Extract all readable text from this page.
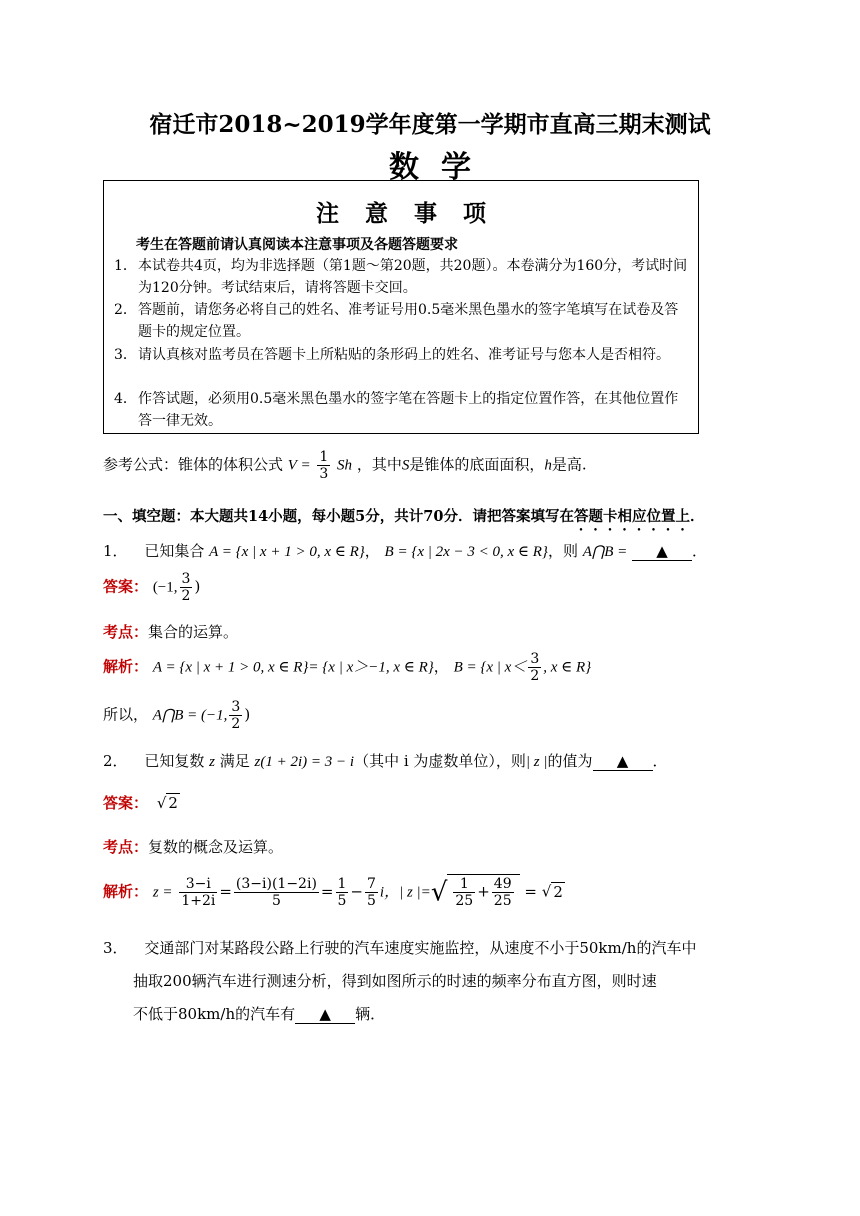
宿迁市2018~2019学年度第一学期市直高三期末测试
数学
注意事项
考生在答题前请认真阅读本注意事项及各题答题要求
1． 本试卷共4页，均为非选择题（第1题～第20题，共20题）。本卷满分为160分，考试时间为120分钟。考试结束后，请将答题卡交回。
2． 答题前，请您务必将自己的姓名、准考证号用0.5毫米黑色墨水的签字笔填写在试卷及答题卡的规定位置。
3． 请认真核对监考员在答题卡上所粘贴的条形码上的姓名、准考证号与您本人是否相符。
4． 作答试题，必须用0.5毫米黑色墨水的签字笔在答题卡上的指定位置作答，在其他位置作答一律无效。
参考公式：锥体的体积公式 $V = \frac{1}{3}$ Sh ，其中S是锥体的底面面积，h是高.
一、填空题：本大题共14小题，每小题5分，共计70分．请把答案填写在答题卡相应位置上．
1． 已知集合 A = {x | x + 1 > 0, x ∈ R}， B = {x | 2x − 3 < 0, x ∈ R}，则 A⋂B = ▲ ．
答案： (−1, $\frac{3}{2}$ )
考点：集合的运算。
解析： A = {x | x + 1 > 0, x ∈ R}= {x | x＞−1, x ∈ R}， B = {x | $x< \frac{3}{2}$ , x ∈ R}
所以， A⋂B = (−1, $\frac{3}{2}$ )
2． 已知复数 z 满足 z(1 + 2i) = 3 − i（其中 i 为虚数单位），则| z |的值为 ▲ ．
答案： √ 2
考点：复数的概念及运算。
解析： $z = \frac{3-i}{1+2i} = \frac{(3-i)(1-2i)}{5} = \frac{1}{5} - \frac{7}{5}$ i，| z |=√ $\frac{1}{25} + \frac{49}{25}$ = √ 2
3． 交通部门对某路段公路上行驶的汽车速度实施监控，从速度不小于50km/h的汽车中
抽取200辆汽车进行测速分析，得到如图所示的时速的频率分布直方图，则时速
不低于80km/h的汽车有 ▲ 辆．
